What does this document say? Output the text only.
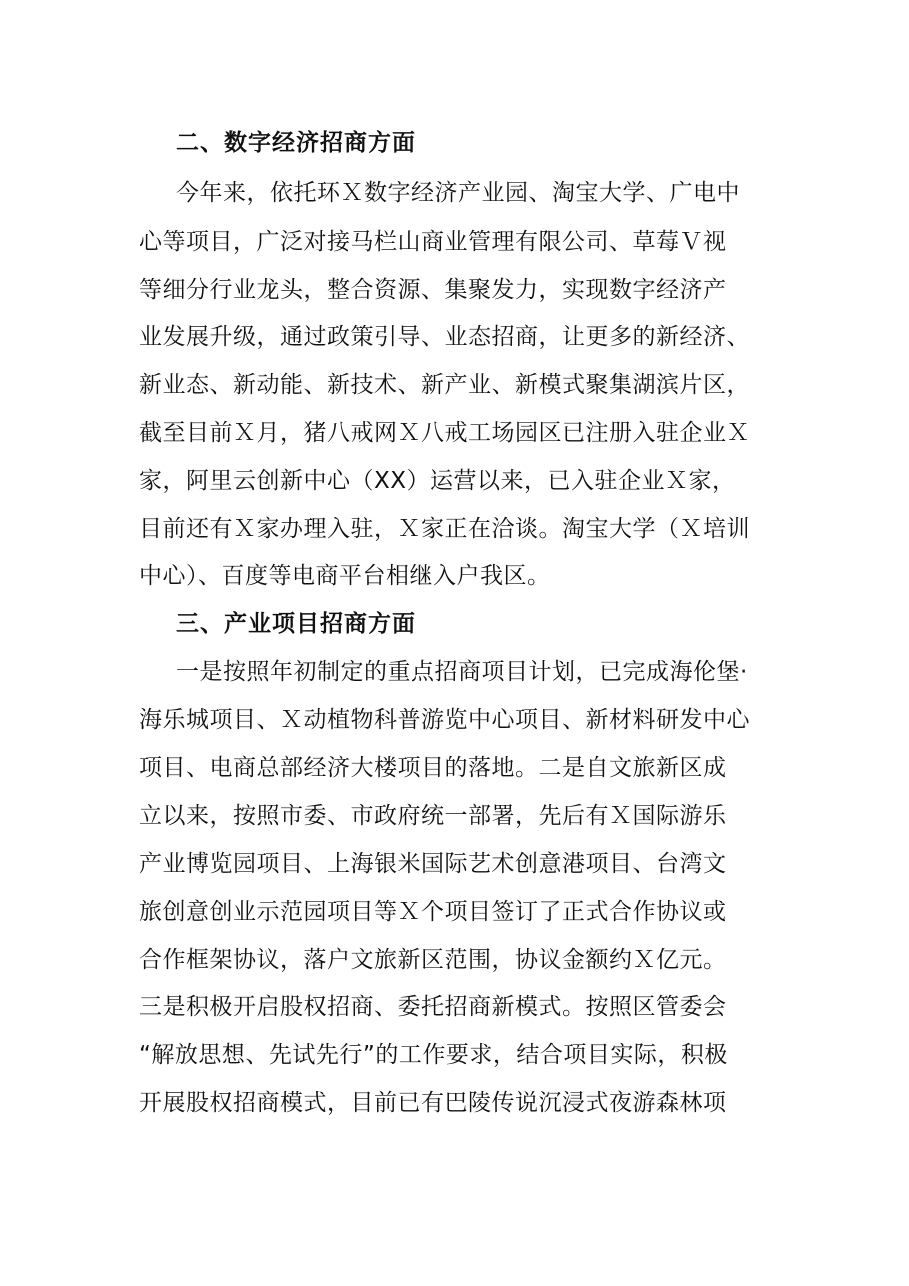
二、数字经济招商方面
今年来，依托环Ｘ数字经济产业园、淘宝大学、广电中
心等项目，广泛对接马栏山商业管理有限公司、草莓Ｖ视
等细分行业龙头，整合资源、集聚发力，实现数字经济产
业发展升级，通过政策引导、业态招商，让更多的新经济、
新业态、新动能、新技术、新产业、新模式聚集湖滨片区，
截至目前Ｘ月，猪八戒网Ｘ八戒工场园区已注册入驻企业Ｘ
家，阿里云创新中心（XX）运营以来，已入驻企业Ｘ家，
目前还有Ｘ家办理入驻，Ｘ家正在洽谈。淘宝大学（Ｘ培训
中心）、百度等电商平台相继入户我区。
三、产业项目招商方面
一是按照年初制定的重点招商项目计划，已完成海伦堡·
海乐城项目、Ｘ动植物科普游览中心项目、新材料研发中心
项目、电商总部经济大楼项目的落地。二是自文旅新区成
立以来，按照市委、市政府统一部署，先后有Ｘ国际游乐
产业博览园项目、上海银米国际艺术创意港项目、台湾文
旅创意创业示范园项目等Ｘ个项目签订了正式合作协议或
合作框架协议，落户文旅新区范围，协议金额约Ｘ亿元。
三是积极开启股权招商、委托招商新模式。按照区管委会
“解放思想、先试先行”的工作要求，结合项目实际，积极
开展股权招商模式，目前已有巴陵传说沉浸式夜游森林项
